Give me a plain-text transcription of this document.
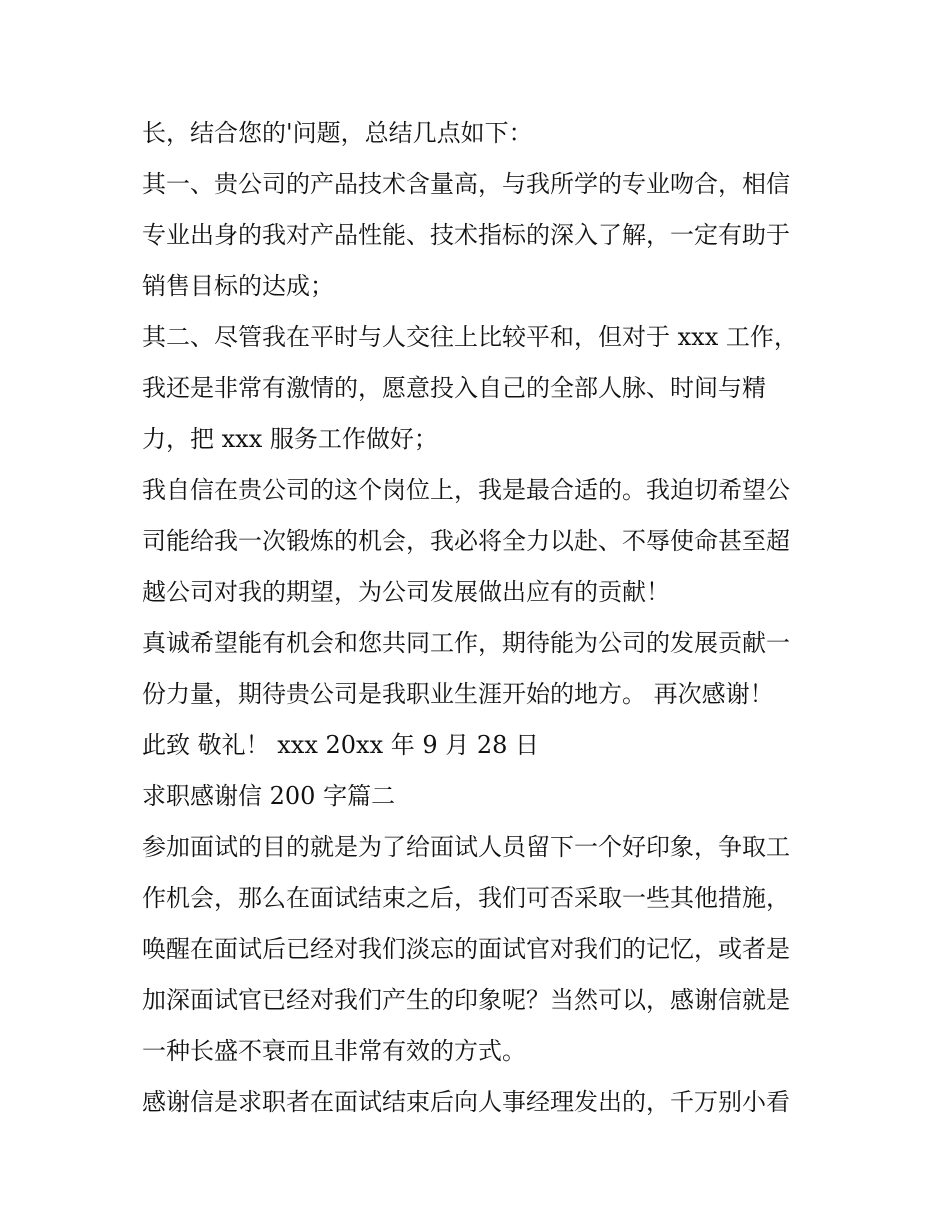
长，结合您的'问题，总结几点如下：

其一、贵公司的产品技术含量高，与我所学的专业吻合，相信
专业出身的我对产品性能、技术指标的深入了解，一定有助于
销售目标的达成；

其二、尽管我在平时与人交往上比较平和，但对于 xxx 工作，
我还是非常有激情的，愿意投入自己的全部人脉、时间与精
力，把 xxx 服务工作做好；

我自信在贵公司的这个岗位上，我是最合适的。我迫切希望公
司能给我一次锻炼的机会，我必将全力以赴、不辱使命甚至超
越公司对我的期望，为公司发展做出应有的贡献！

真诚希望能有机会和您共同工作，期待能为公司的发展贡献一
份力量，期待贵公司是我职业生涯开始的地方。 再次感谢！

此致 敬礼！ xxx 20xx 年 9 月 28 日

求职感谢信 200 字篇二

参加面试的目的就是为了给面试人员留下一个好印象，争取工
作机会，那么在面试结束之后，我们可否采取一些其他措施，
唤醒在面试后已经对我们淡忘的面试官对我们的记忆，或者是
加深面试官已经对我们产生的印象呢？当然可以，感谢信就是
一种长盛不衰而且非常有效的方式。

感谢信是求职者在面试结束后向人事经理发出的，千万别小看
